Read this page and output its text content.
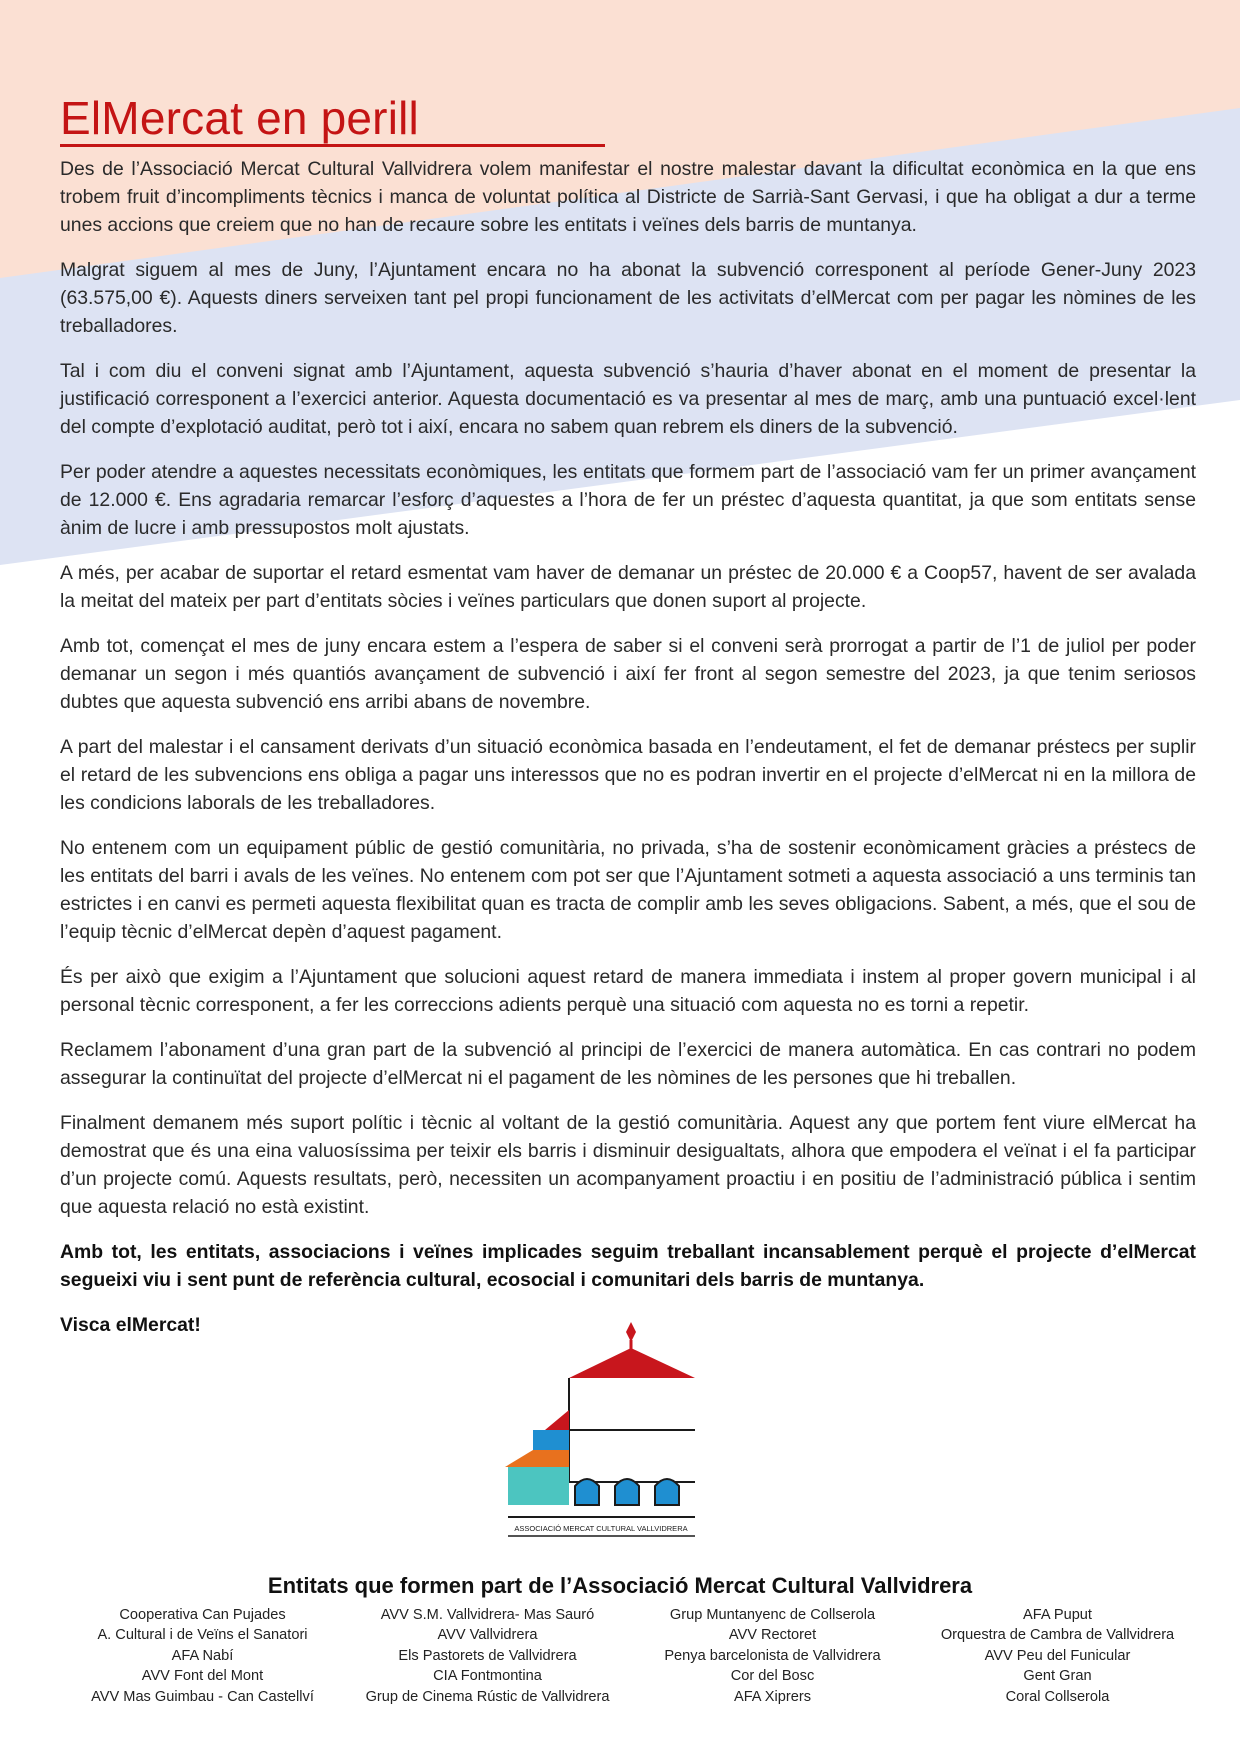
ElMercat en perill

Des de l’Associació Mercat Cultural Vallvidrera volem manifestar el nostre malestar davant la dificultat econòmica en la que ens trobem fruit d’incompliments tècnics i manca de voluntat política al Districte de Sarrià-Sant Gervasi, i que ha obligat a dur a terme unes accions que creiem que no han de recaure sobre les entitats i veïnes dels barris de muntanya.

Malgrat siguem al mes de Juny, l’Ajuntament encara no ha abonat la subvenció corresponent al període Gener-Juny 2023 (63.575,00 €). Aquests diners serveixen tant pel propi funcionament de les activitats d’elMercat com per pagar les nòmines de les treballadores.

Tal i com diu el conveni signat amb l’Ajuntament, aquesta subvenció s’hauria d’haver abonat en el moment de presentar la justificació corresponent a l’exercici anterior. Aquesta documentació es va presentar al mes de març, amb una puntuació excel·lent del compte d’explotació auditat, però tot i així, encara no sabem quan rebrem els diners de la subvenció.

Per poder atendre a aquestes necessitats econòmiques, les entitats que formem part de l’associació vam fer un primer avançament de 12.000 €. Ens agradaria remarcar l’esforç d’aquestes a l’hora de fer un préstec d’aquesta quantitat, ja que som entitats sense ànim de lucre i amb pressupostos molt ajustats.

A més, per acabar de suportar el retard esmentat vam haver de demanar un préstec de 20.000 € a Coop57, havent de ser avalada la meitat del mateix per part d’entitats sòcies i veïnes particulars que donen suport al projecte.

Amb tot, començat el mes de juny encara estem a l’espera de saber si el conveni serà prorrogat a partir de l’1 de juliol per poder demanar un segon i més quantiós avançament de subvenció i així fer front al segon semestre del 2023, ja que tenim seriosos dubtes que aquesta subvenció ens arribi abans de novembre.

A part del malestar i el cansament derivats d’un situació econòmica basada en l’endeutament, el fet de demanar préstecs per suplir el retard de les subvencions ens obliga a pagar uns interessos que no es podran invertir en el projecte d’elMercat ni en la millora de les condicions laborals de les treballadores.

No entenem com un equipament públic de gestió comunitària, no privada, s’ha de sostenir econòmicament gràcies a préstecs de les entitats del barri i avals de les veïnes. No entenem com pot ser que l’Ajuntament sotmeti a aquesta associació a uns terminis tan estrictes i en canvi es permeti aquesta flexibilitat quan es tracta de complir amb les seves obligacions. Sabent, a més, que el sou de l’equip tècnic d’elMercat depèn d’aquest pagament.

És per això que exigim a l’Ajuntament que solucioni aquest retard de manera immediata i instem al proper govern municipal i al personal tècnic corresponent, a fer les correccions adients perquè una situació com aquesta no es torni a repetir.

Reclamem l’abonament d’una gran part de la subvenció al principi de l’exercici de manera automàtica. En cas contrari no podem assegurar la continuïtat del projecte d’elMercat ni el pagament de les nòmines de les persones que hi treballen.

Finalment demanem més suport polític i tècnic al voltant de la gestió comunitària. Aquest any que portem fent viure elMercat ha demostrat que és una eina valuosíssima per teixir els barris i disminuir desigualtats, alhora que empodera el veïnat i el fa participar d’un projecte comú. Aquests resultats, però, necessiten un acompanyament proactiu i en positiu de l’administració pública i sentim que aquesta relació no està existint.

Amb tot, les entitats, associacions i veïnes implicades seguim treballant incansablement perquè el projecte d’elMercat segueixi viu i sent punt de referència cultural, ecosocial i comunitari dels barris de muntanya.

Visca elMercat!

ASSOCIACIÓ MERCAT CULTURAL VALLVIDRERA
Entitats que formen part de l’Associació Mercat Cultural Vallvidrera
Cooperativa Can Pujades
A. Cultural i de Veïns el Sanatori
AFA Nabí
AVV Font del Mont
AVV Mas Guimbau - Can Castellví
AVV S.M. Vallvidrera- Mas Sauró
AVV Vallvidrera
Els Pastorets de Vallvidrera
CIA Fontmontina
Grup de Cinema Rústic de Vallvidrera
Grup Muntanyenc de Collserola
AVV Rectoret
Penya barcelonista de Vallvidrera
Cor del Bosc
AFA Xiprers
AFA Puput
Orquestra de Cambra de Vallvidrera
AVV Peu del Funicular
Gent Gran
Coral Collserola
